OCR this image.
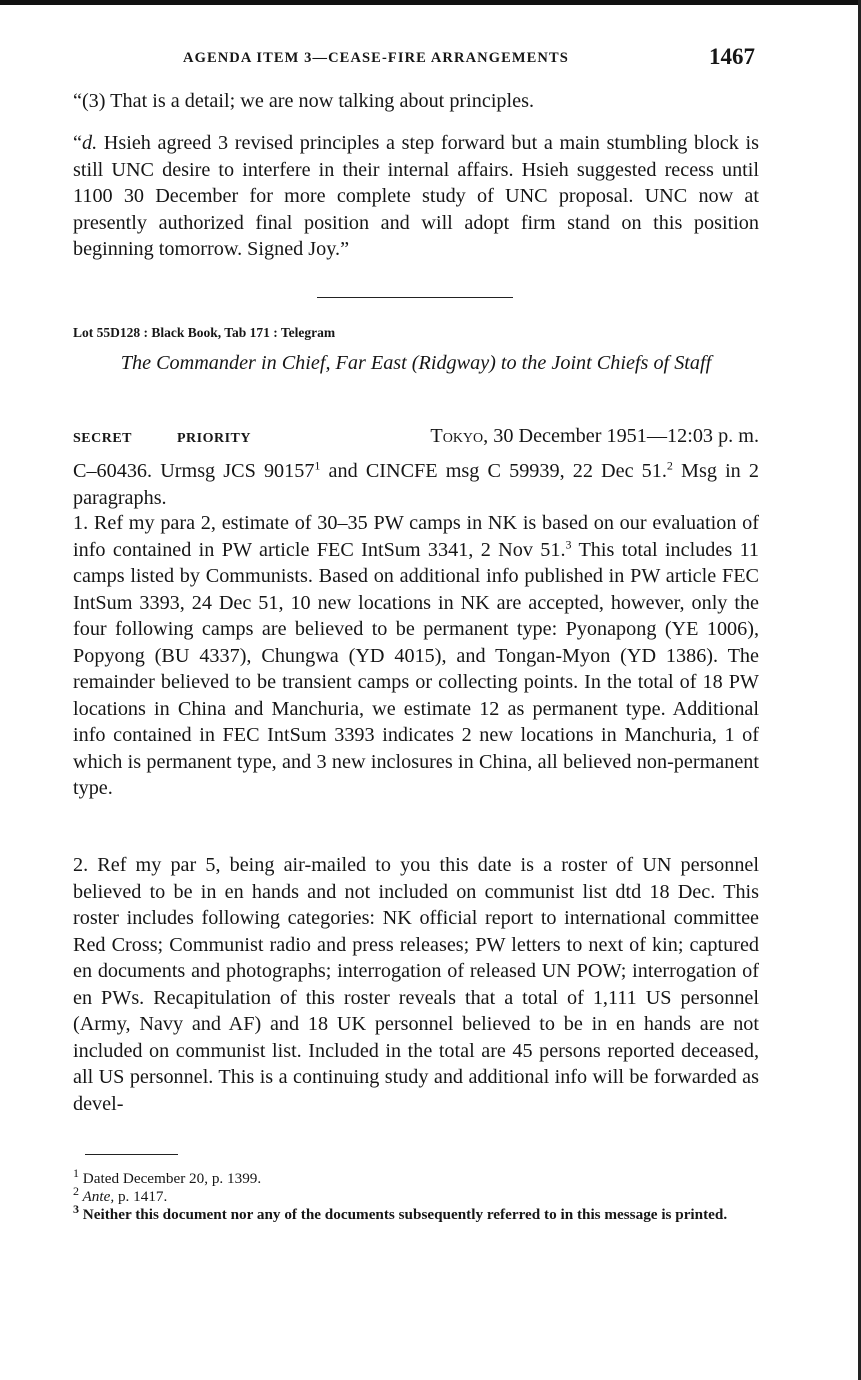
AGENDA ITEM 3—CEASE-FIRE ARRANGEMENTS	1467

“(3) That is a detail; we are now talking about principles.

“d. Hsieh agreed 3 revised principles a step forward but a main stumbling block is still UNC desire to interfere in their internal affairs. Hsieh suggested recess until 1100 30 December for more complete study of UNC proposal. UNC now at presently authorized final position and will adopt firm stand on this position beginning tomorrow. Signed Joy.”

Lot 55D128 : Black Book, Tab 171 : Telegram
The Commander in Chief, Far East (Ridgway) to the Joint Chiefs of Staff
SECRET	PRIORITY	Tokyo, 30 December 1951—12:03 p. m.

C–60436. Urmsg JCS 90157$^1$ and CINCFE msg C 59939, 22 Dec 51.$^2$ Msg in 2 paragraphs.

1. Ref my para 2, estimate of 30–35 PW camps in NK is based on our evaluation of info contained in PW article FEC IntSum 3341, 2 Nov 51.$^3$ This total includes 11 camps listed by Communists. Based on additional info published in PW article FEC IntSum 3393, 24 Dec 51, 10 new locations in NK are accepted, however, only the four following camps are believed to be permanent type: Pyonapong (YE 1006), Popyong (BU 4337), Chungwa (YD 4015), and Tongan-Myon (YD 1386). The remainder believed to be transient camps or collecting points. In the total of 18 PW locations in China and Manchuria, we estimate 12 as permanent type. Additional info contained in FEC IntSum 3393 indicates 2 new locations in Manchuria, 1 of which is permanent type, and 3 new inclosures in China, all believed non-permanent type.

2. Ref my par 5, being air-mailed to you this date is a roster of UN personnel believed to be in en hands and not included on communist list dtd 18 Dec. This roster includes following categories: NK official report to international committee Red Cross; Communist radio and press releases; PW letters to next of kin; captured en documents and photographs; interrogation of released UN POW; interrogation of en PWs. Recapitulation of this roster reveals that a total of 1,111 US personnel (Army, Navy and AF) and 18 UK personnel believed to be in en hands are not included on communist list. Included in the total are 45 persons reported deceased, all US personnel. This is a continuing study and additional info will be forwarded as devel-

$^1$ Dated December 20, p. 1399.
$^2$ Ante, p. 1417.
$^3$ Neither this document nor any of the documents subsequently referred to in this message is printed.
